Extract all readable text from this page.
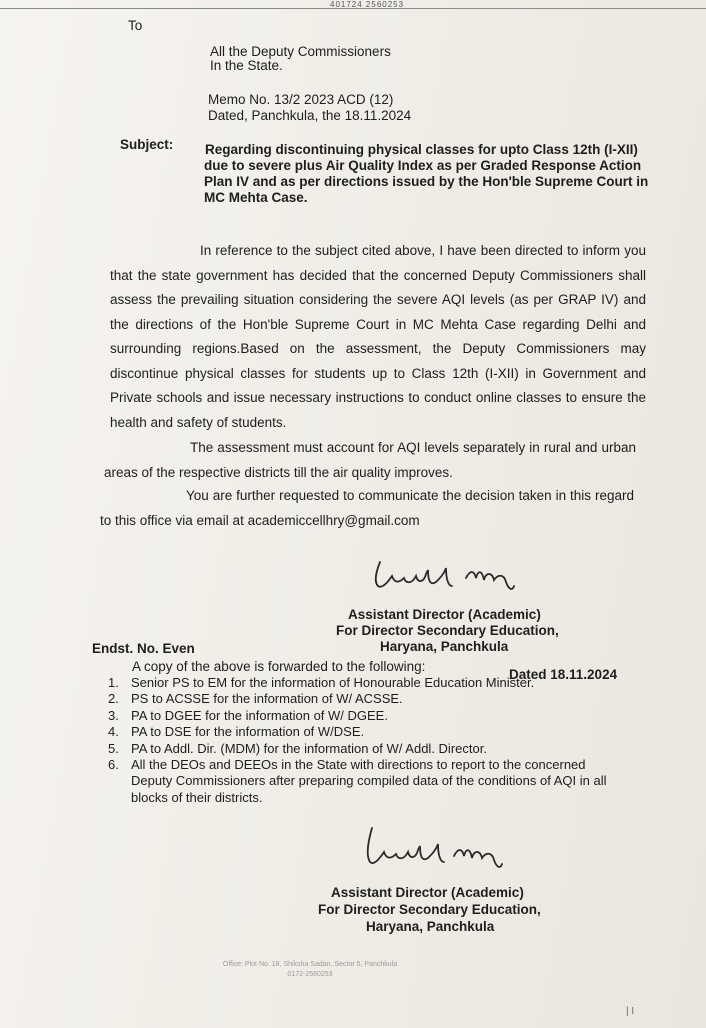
401724 2560253
To
All the Deputy Commissioners
In the State.
Memo No. 13/2 2023 ACD (12)
Dated, Panchkula, the 18.11.2024
Subject: Regarding discontinuing physical classes for upto Class 12th (I-XII)
due to severe plus Air Quality Index as per Graded Response Action
Plan IV and as per directions issued by the Hon'ble Supreme Court in
MC Mehta Case.

In reference to the subject cited above, I have been directed to inform you that the state government has decided that the concerned Deputy Commissioners shall assess the prevailing situation considering the severe AQI levels (as per GRAP IV) and the directions of the Hon'ble Supreme Court in MC Mehta Case regarding Delhi and surrounding regions.Based on the assessment, the Deputy Commissioners may discontinue physical classes for students up to Class 12th (I-XII) in Government and Private schools and issue necessary instructions to conduct online classes to ensure the health and safety of students.

The assessment must account for AQI levels separately in rural and urban areas of the respective districts till the air quality improves.

You are further requested to communicate the decision taken in this regard to this office via email at academiccellhry@gmail.com

Assistant Director (Academic)
For Director Secondary Education,
Haryana, Panchkula
Endst. No. Even
Dated 18.11.2024
A copy of the above is forwarded to the following:
1. Senior PS to EM for the information of Honourable Education Minister.
2. PS to ACSSE for the information of W/ ACSSE.
3. PA to DGEE for the information of W/ DGEE.
4. PA to DSE for the information of W/DSE.
5. PA to Addl. Dir. (MDM) for the information of W/ Addl. Director.
6. All the DEOs and DEEOs in the State with directions to report to the concerned Deputy Commissioners after preparing compiled data of the conditions of AQI in all blocks of their districts.
Assistant Director (Academic)
For Director Secondary Education,
Haryana, Panchkula
Office: Plot No. 18, Shiksha Sadan, Sector 5, Panchkula
0172-2560253
| I
